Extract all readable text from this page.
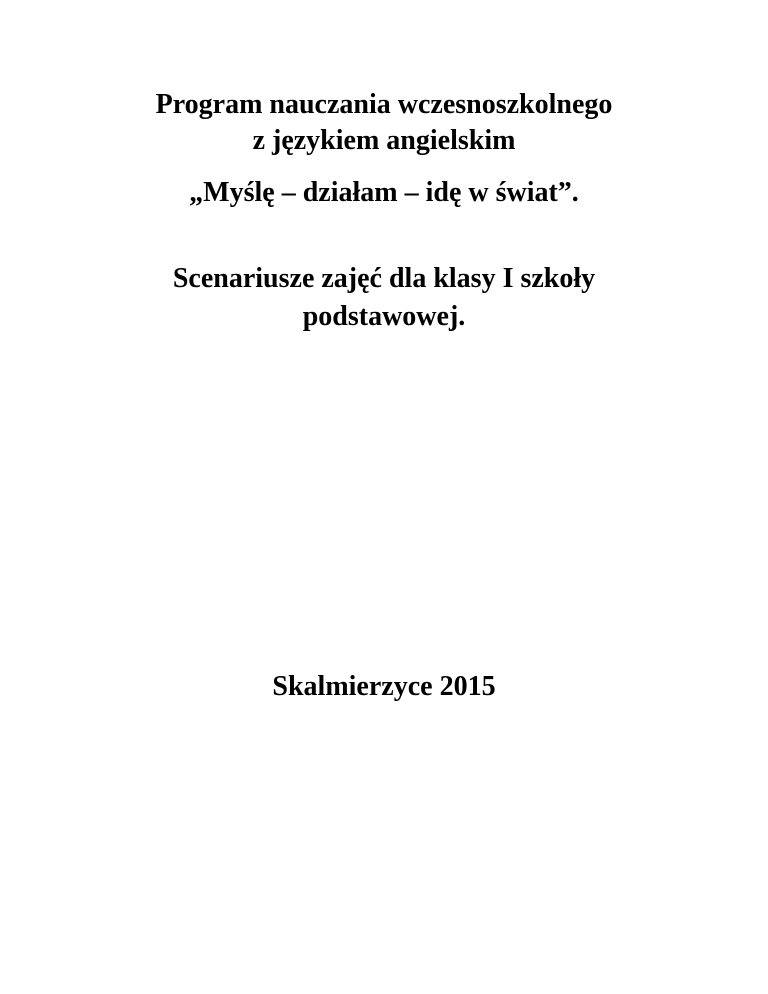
Program nauczania wczesnoszkolnego
z językiem angielskim
„Myślę – działam – idę w świat”.
Scenariusze zajęć dla klasy I szkoły
podstawowej.
Skalmierzyce 2015
